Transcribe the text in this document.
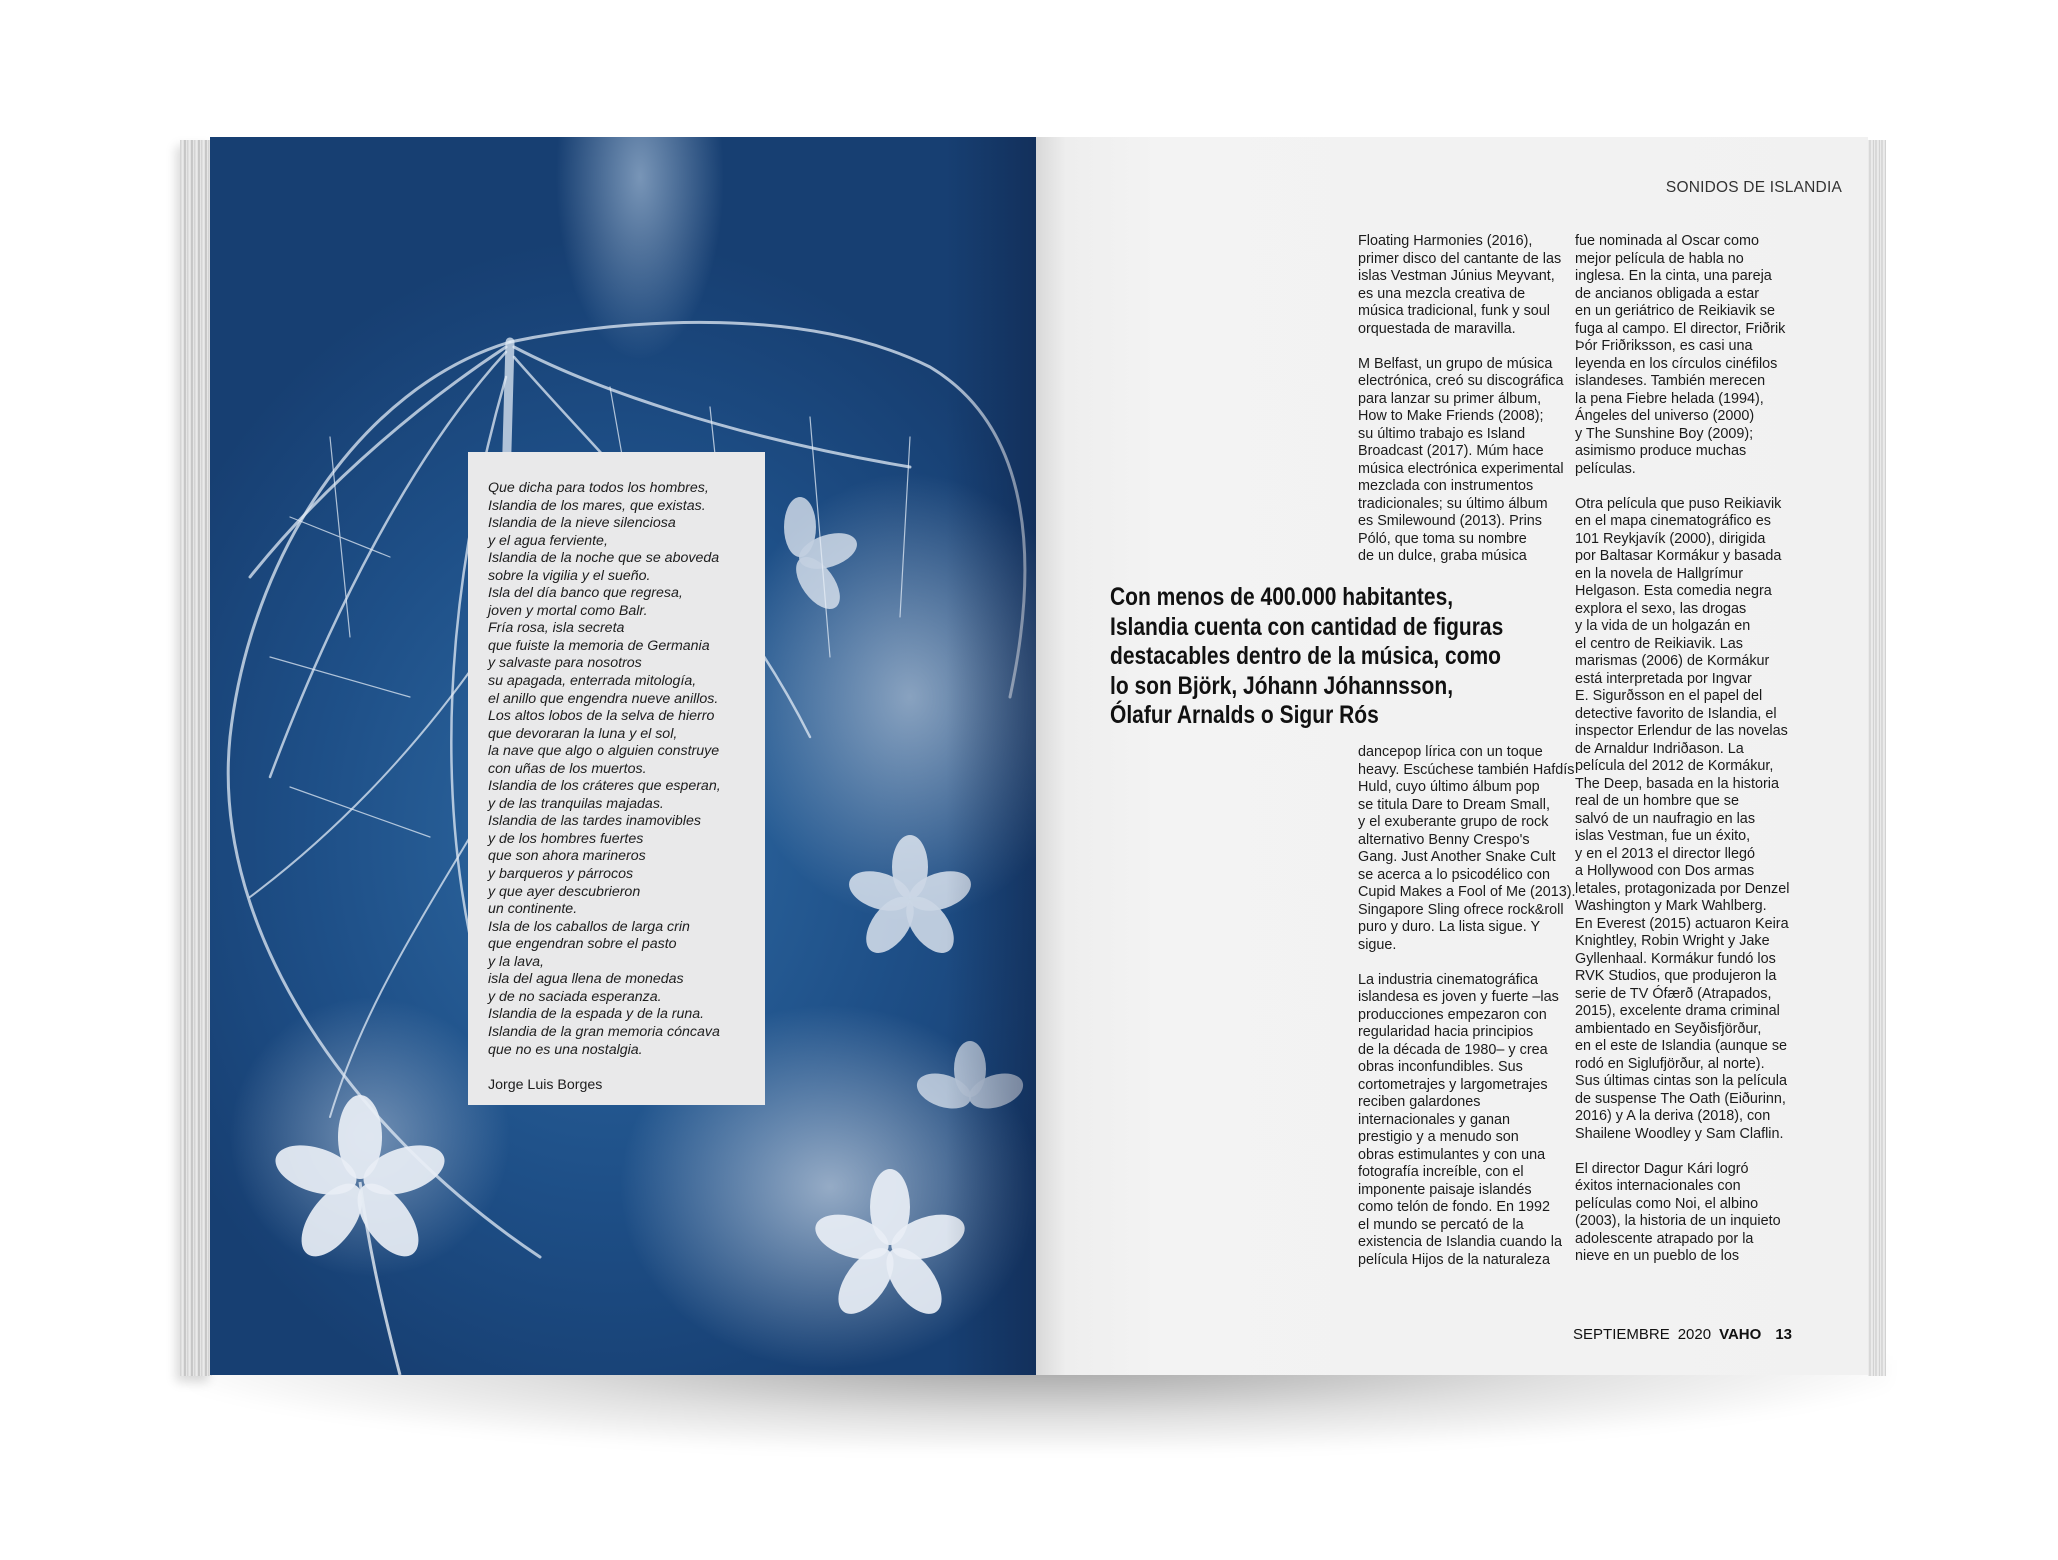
Que dicha para todos los hombres,
Islandia de los mares, que existas.
Islandia de la nieve silenciosa
y el agua ferviente,
Islandia de la noche que se aboveda
sobre la vigilia y el sueño.
Isla del día banco que regresa,
joven y mortal como Balr.
Fría rosa, isla secreta
que fuiste la memoria de Germania
y salvaste para nosotros
su apagada, enterrada mitología,
el anillo que engendra nueve anillos.
Los altos lobos de la selva de hierro
que devoraran la luna y el sol,
la nave que algo o alguien construye
con uñas de los muertos.
Islandia de los cráteres que esperan,
y de las tranquilas majadas.
Islandia de las tardes inamovibles
y de los hombres fuertes
que son ahora marineros
y barqueros y párrocos
y que ayer descubrieron
un continente.
Isla de los caballos de larga crin
que engendran sobre el pasto
y la lava,
isla del agua llena de monedas
y de no saciada esperanza.
Islandia de la espada y de la runa.
Islandia de la gran memoria cóncava
que no es una nostalgia.
Jorge Luis Borges
SONIDOS DE ISLANDIA

Floating Harmonies (2016),
primer disco del cantante de las
islas Vestman Június Meyvant,
es una mezcla creativa de
música tradicional, funk y soul
orquestada de maravilla.

M Belfast, un grupo de música
electrónica, creó su discográfica
para lanzar su primer álbum,
How to Make Friends (2008);
su último trabajo es Island
Broadcast (2017). Múm hace
música electrónica experimental
mezclada con instrumentos
tradicionales; su último álbum
es Smilewound (2013). Prins
Póló, que toma su nombre
de un dulce, graba música

Con menos de 400.000 habitantes,
Islandia cuenta con cantidad de figuras
destacables dentro de la música, como
lo son Björk, Jóhann Jóhannsson,
Ólafur Arnalds o Sigur Rós

dancepop lírica con un toque
heavy. Escúchese también Hafdís
Huld, cuyo último álbum pop
se titula Dare to Dream Small,
y el exuberante grupo de rock
alternativo Benny Crespo's
Gang. Just Another Snake Cult
se acerca a lo psicodélico con
Cupid Makes a Fool of Me (2013).
Singapore Sling ofrece rock&roll
puro y duro. La lista sigue. Y
sigue.

La industria cinematográfica
islandesa es joven y fuerte –las
producciones empezaron con
regularidad hacia principios
de la década de 1980– y crea
obras inconfundibles. Sus
cortometrajes y largometrajes
reciben galardones
internacionales y ganan
prestigio y a menudo son
obras estimulantes y con una
fotografía increíble, con el
imponente paisaje islandés
como telón de fondo. En 1992
el mundo se percató de la
existencia de Islandia cuando la
película Hijos de la naturaleza

fue nominada al Oscar como
mejor película de habla no
inglesa. En la cinta, una pareja
de ancianos obligada a estar
en un geriátrico de Reikiavik se
fuga al campo. El director, Friðrik
Þór Friðriksson, es casi una
leyenda en los círculos cinéfilos
islandeses. También merecen
la pena Fiebre helada (1994),
Ángeles del universo (2000)
y The Sunshine Boy (2009);
asimismo produce muchas
películas.

Otra película que puso Reikiavik
en el mapa cinematográfico es
101 Reykjavík (2000), dirigida
por Baltasar Kormákur y basada
en la novela de Hallgrímur
Helgason. Esta comedia negra
explora el sexo, las drogas
y la vida de un holgazán en
el centro de Reikiavik. Las
marismas (2006) de Kormákur
está interpretada por Ingvar
E. Sigurðsson en el papel del
detective favorito de Islandia, el
inspector Erlendur de las novelas
de Arnaldur Indriðason. La
película del 2012 de Kormákur,
The Deep, basada en la historia
real de un hombre que se
salvó de un naufragio en las
islas Vestman, fue un éxito,
y en el 2013 el director llegó
a Hollywood con Dos armas
letales, protagonizada por Denzel
Washington y Mark Wahlberg.
En Everest (2015) actuaron Keira
Knightley, Robin Wright y Jake
Gyllenhaal. Kormákur fundó los
RVK Studios, que produjeron la
serie de TV Ófærð (Atrapados,
2015), excelente drama criminal
ambientado en Seyðisfjörður,
en el este de Islandia (aunque se
rodó en Siglufjörður, al norte).
Sus últimas cintas son la película
de suspense The Oath (Eiðurinn,
2016) y A la deriva (2018), con
Shailene Woodley y Sam Claflin.

El director Dagur Kári logró
éxitos internacionales con
películas como Noi, el albino
(2003), la historia de un inquieto
adolescente atrapado por la
nieve en un pueblo de los

SEPTIEMBRE 2020 VAHO 13
